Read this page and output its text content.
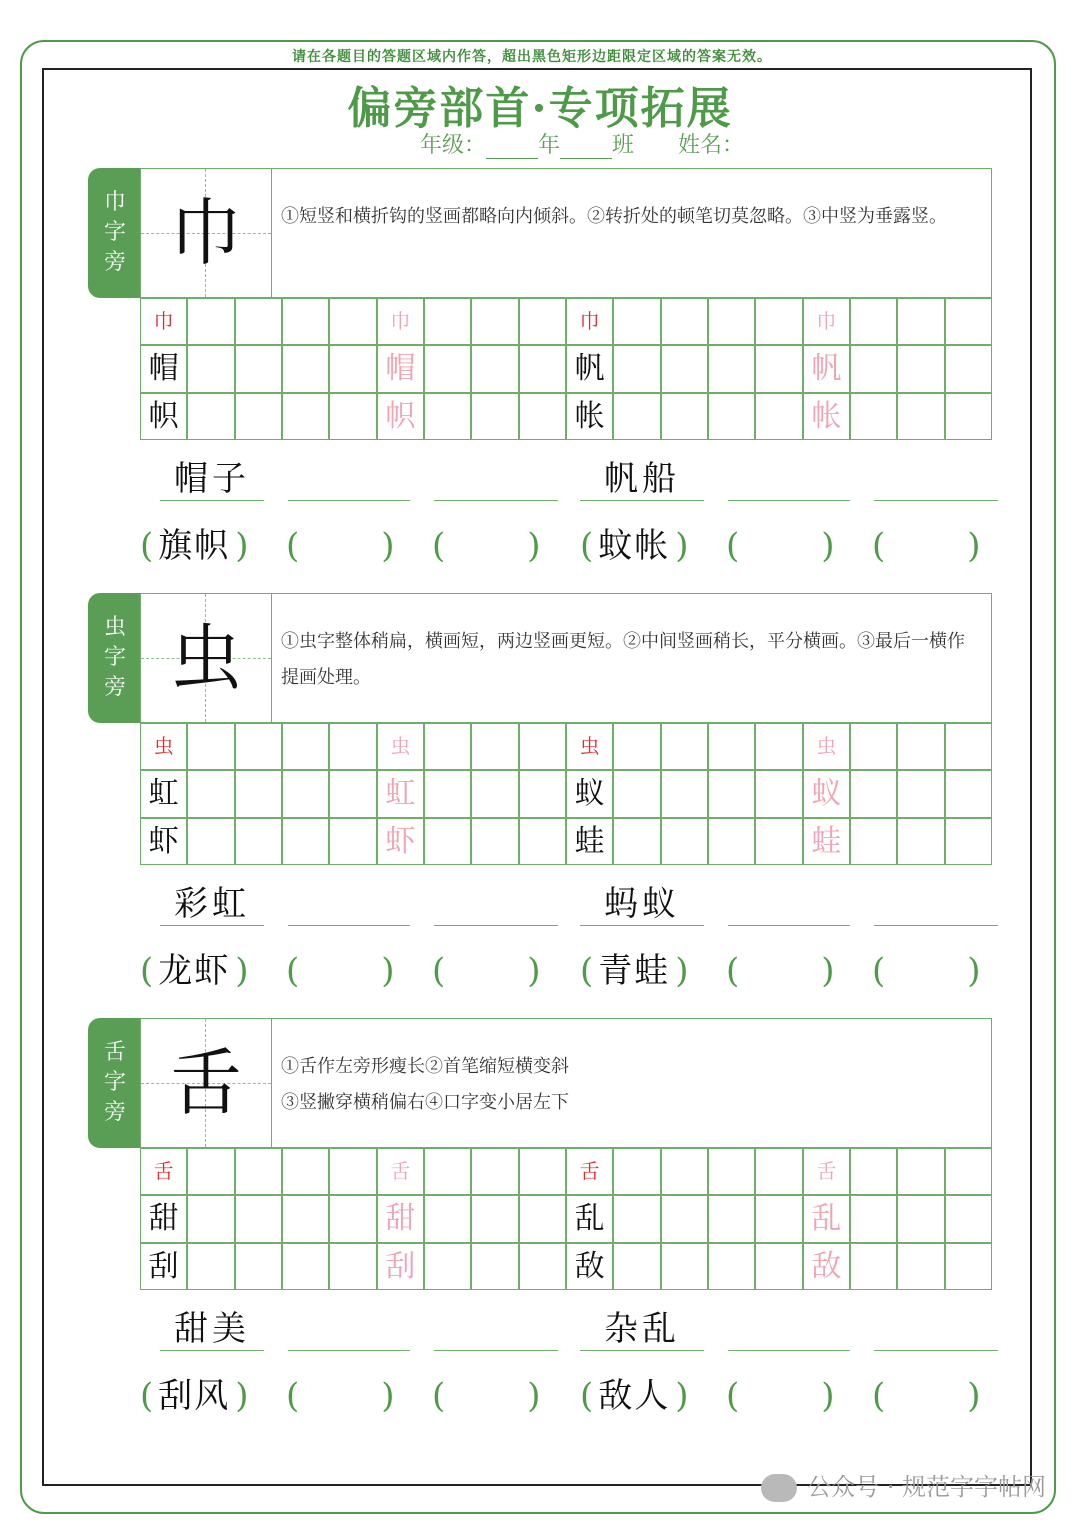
请在各题目的答题区域内作答，超出黑色矩形边距限定区域的答案无效。
偏旁部首·专项拓展
年级： 年 班 姓名：
巾
字
旁 巾	①短竖和横折钩的竖画都略向内倾斜。②转折处的顿笔切莫忽略。③中竖为垂露竖。
巾	巾	巾	巾
帽	帽	帆	帆
帜	帜	帐	帐
帽子	帆船
( 旗帜 ) ( ) ( ) ( 蚊帐 ) ( ) ( )
虫
字
旁 虫	①虫字整体稍扁，横画短，两边竖画更短。②中间竖画稍长，平分横画。③最后一横作提画处理。
虫	虫	虫	虫
虹	虹	蚁	蚁
虾	虾	蛙	蛙
彩虹	蚂蚁
( 龙虾 ) ( ) ( ) ( 青蛙 ) ( ) ( )
舌
字
旁 舌	①舌作左旁形瘦长②首笔缩短横变斜
③竖撇穿横稍偏右④口字变小居左下
舌	舌	舌	舌
甜	甜	乱	乱
刮	刮	敌	敌
甜美	杂乱
( 刮风 ) ( ) ( ) ( 敌人 ) ( ) ( )
公众号 · 规范字字帖网
